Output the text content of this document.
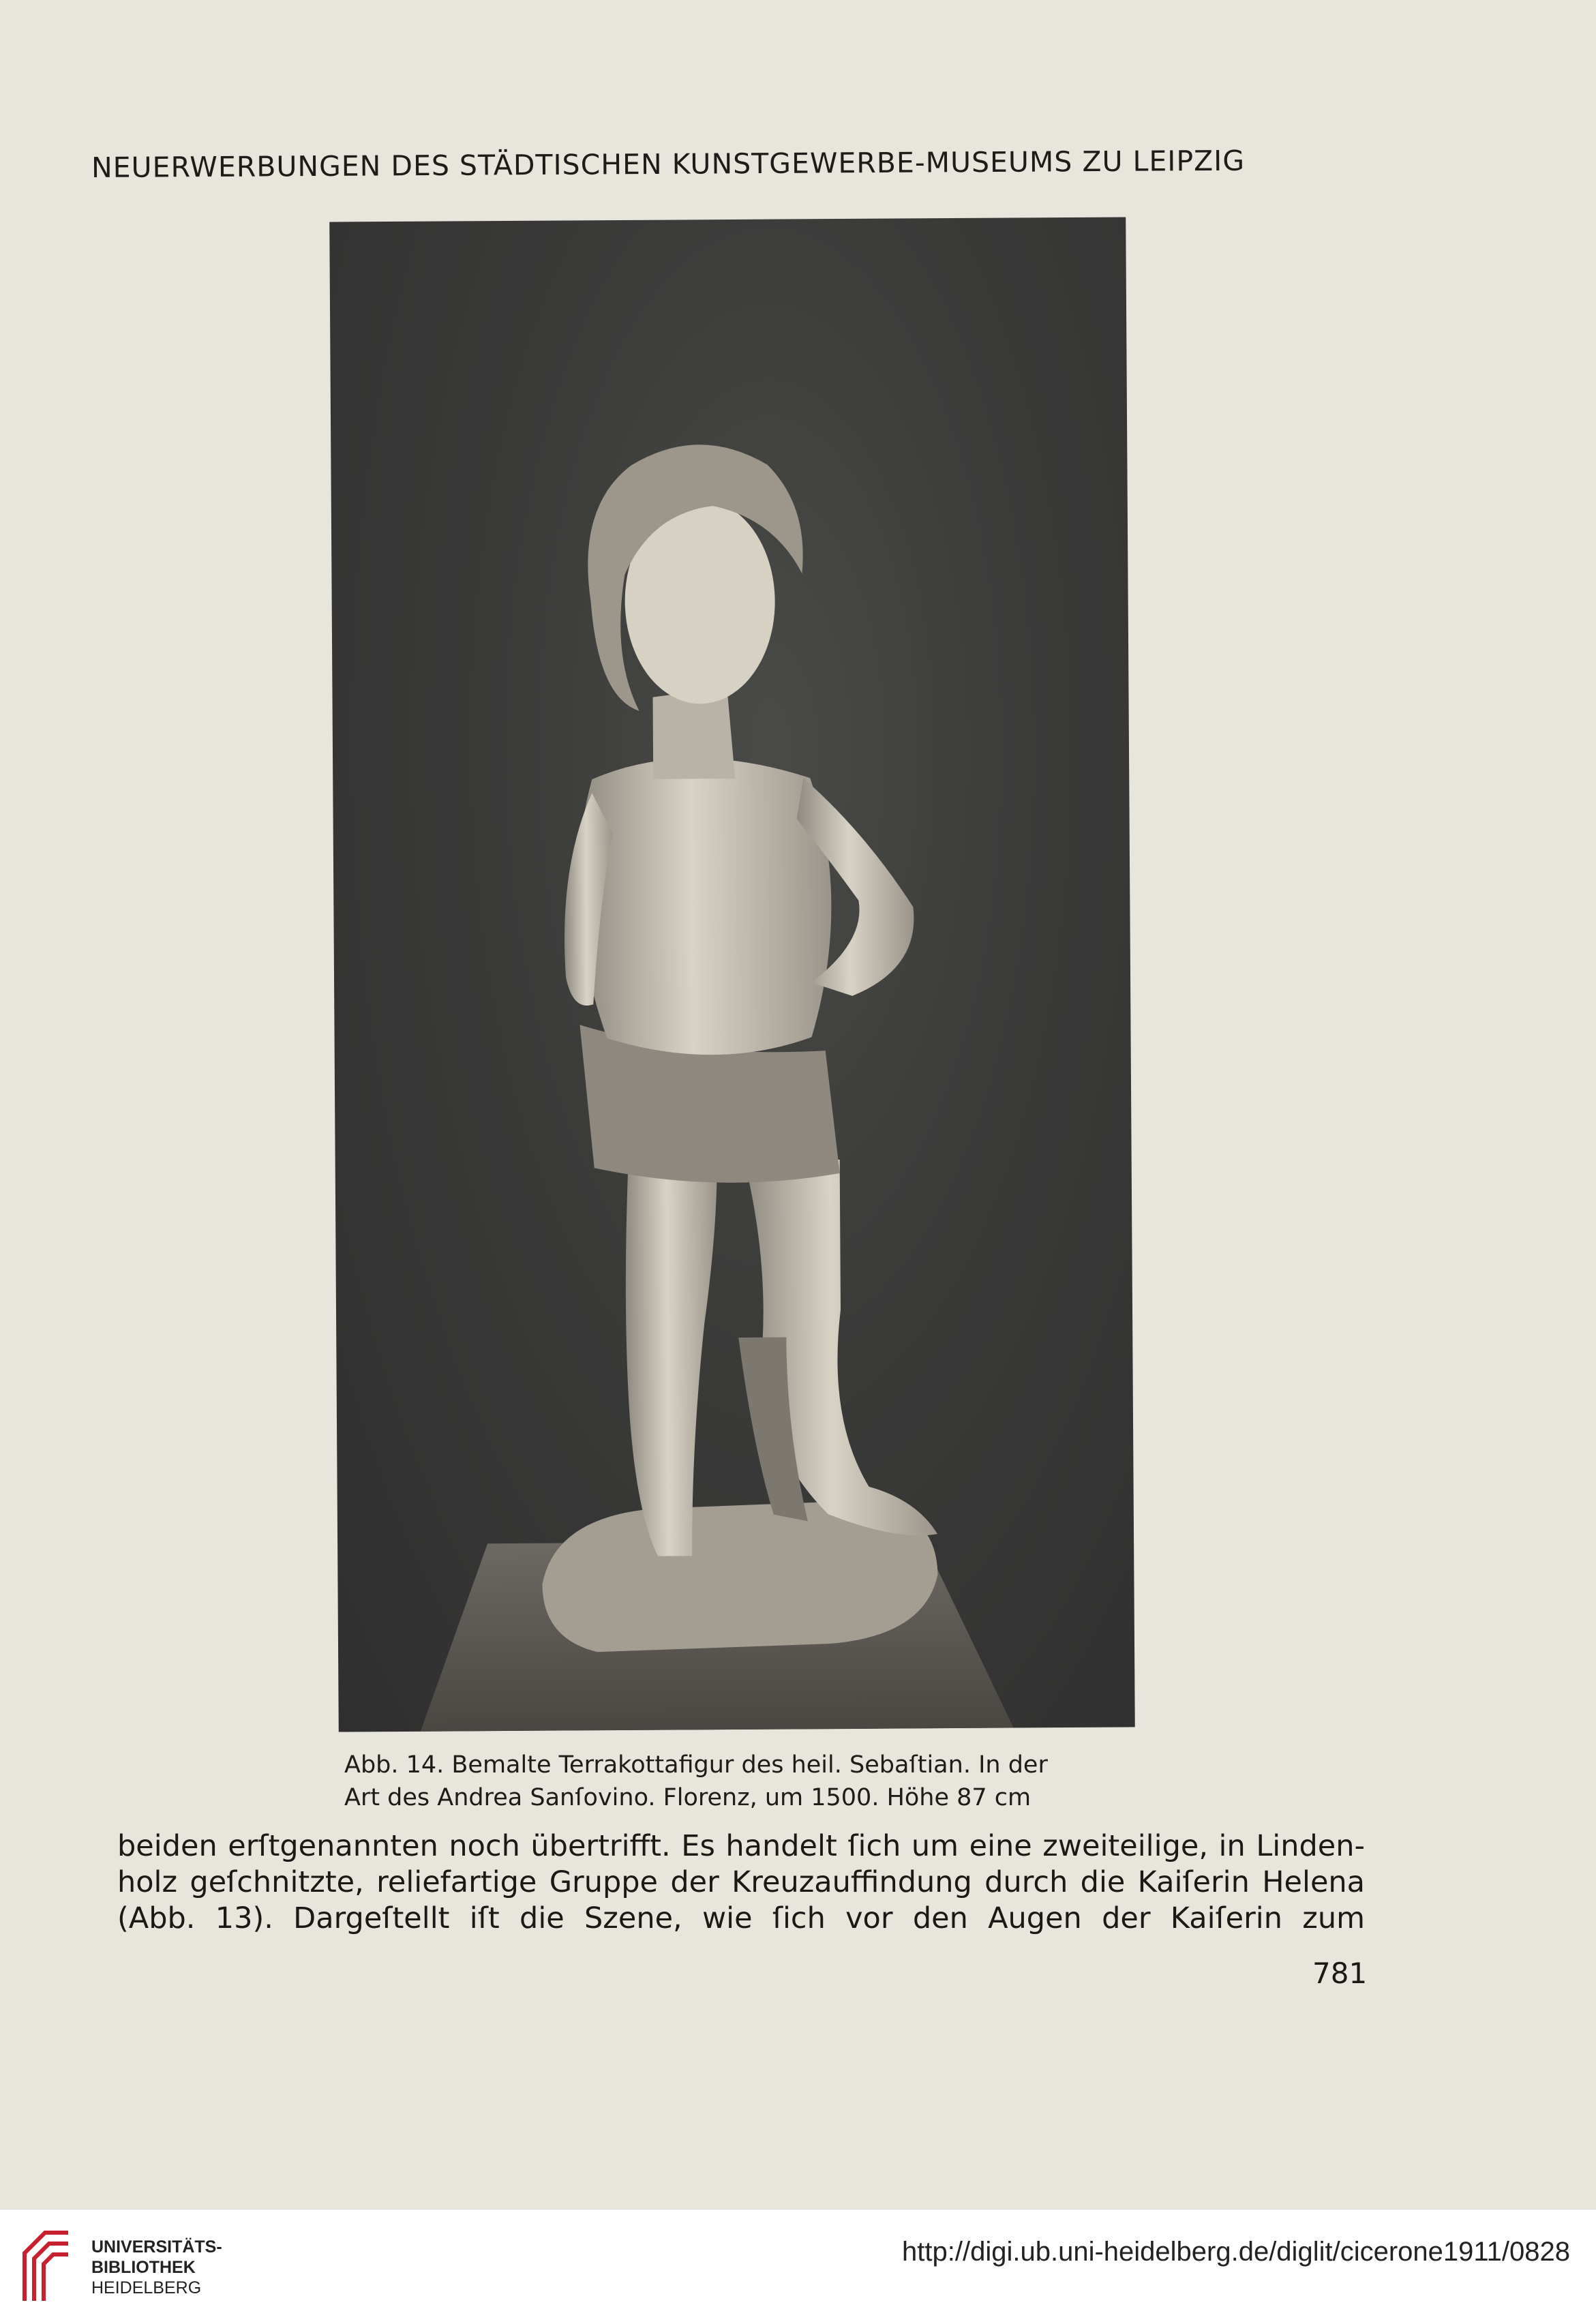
NEUERWERBUNGEN DES STÄDTISCHEN KUNSTGEWERBE-MUSEUMS ZU LEIPZIG
Abb. 14. Bemalte Terrakottafigur des heil. Sebaſtian. In der
Art des Andrea Sanſovino. Florenz, um 1500. Höhe 87 cm
beiden erſtgenannten noch übertrifft. Es handelt ſich um eine zweiteilige, in Linden-
holz geſchnitzte, reliefartige Gruppe der Kreuzauffindung durch die Kaiſerin Helena
(Abb. 13). Dargeſtellt iſt die Szene, wie ſich vor den Augen der Kaiſerin zum
781
UNIVERSITÄTS-
BIBLIOTHEK
HEIDELBERG
http://digi.ub.uni-heidelberg.de/diglit/cicerone1911/0828
